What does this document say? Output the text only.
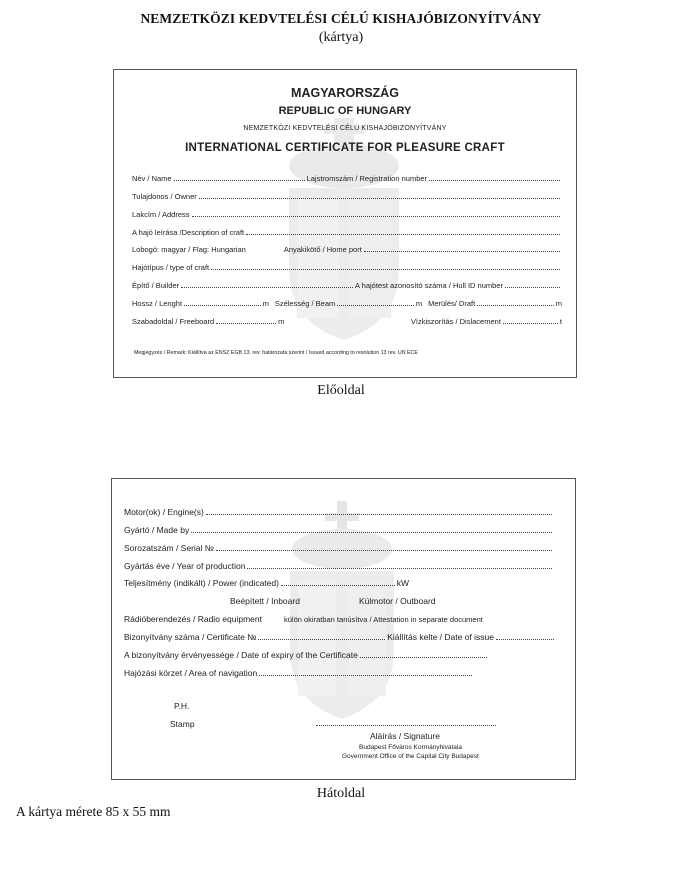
NEMZETKÖZI KEDVTELÉSI CÉLÚ KISHAJÓBIZONYÍTVÁNY
(kártya)
MAGYARORSZÁG
REPUBLIC OF HUNGARY
NEMZETKÖZI KEDVTELÉSI CÉLÚ KISHAJÓBIZONYÍTVÁNY
INTERNATIONAL CERTIFICATE FOR PLEASURE CRAFT
Név / Name	Lajstromszám / Registration number
Tulajdonos / Owner
Lakcím / Address
A hajó leírása /Description of craft
Lobogó: magyar / Flag: Hungarian	Anyakikötő / Home port
Hajótípus / type of craft
Építő / Builder	A hajótest azonosító száma / Hull ID number
Hossz / Lenght	m Szélesség / Beam	m Merülés/ Draft	m
Szabadoldal / Freeboard	m	Vízkiszorítás / Dislacement	t
Megjegyzés / Remark: Kiállítva az ENSZ EGB 13. rev. határozata szerint / Issued according to resolution 13 rev. UN ECE
Előoldal
Motor(ok) / Engine(s)
Gyártó / Made by
Sorozatszám / Serial №
Gyártás éve / Year of production
Teljesítmény (indikált) / Power (indicated)	kW
Beépített / Inboard	Külmotor / Outboard
Rádióberendezés / Radio equipment	külön okiratban tanúsítva / Attestation in separate document
Bizonyítvány száma / Certificate №	Kiállítás kelte / Date of issue
A bizonyítvány érvényessége / Date of expiry of the Certificate
Hajózási körzet / Area of navigation
P.H.
Stamp
Aláírás / Signature
Budapest Főváros Kormányhivatala
Government Office of the Capital City Budapest
Hátoldal
A kártya mérete 85 x 55 mm
